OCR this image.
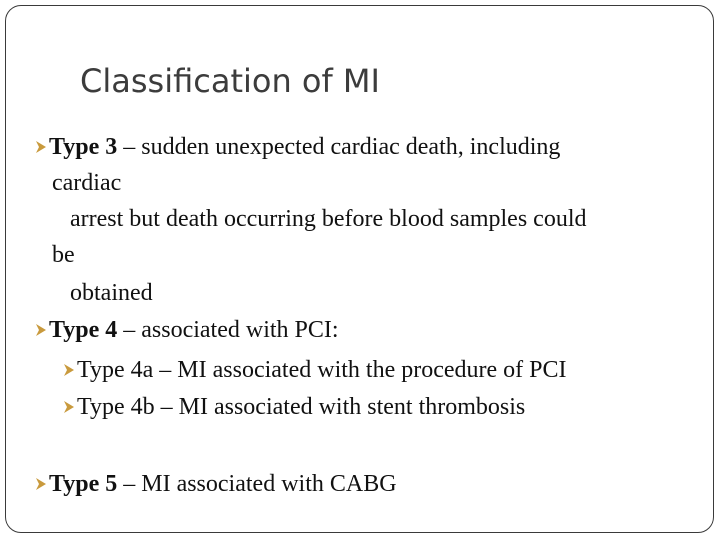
Classification of MI
Type 3 – sudden unexpected cardiac death, including
cardiac
arrest but death occurring before blood samples could
be
obtained
Type 4 – associated with PCI:
Type 4a – MI associated with the procedure of PCI
Type 4b – MI associated with stent thrombosis
Type 5 – MI associated with CABG
